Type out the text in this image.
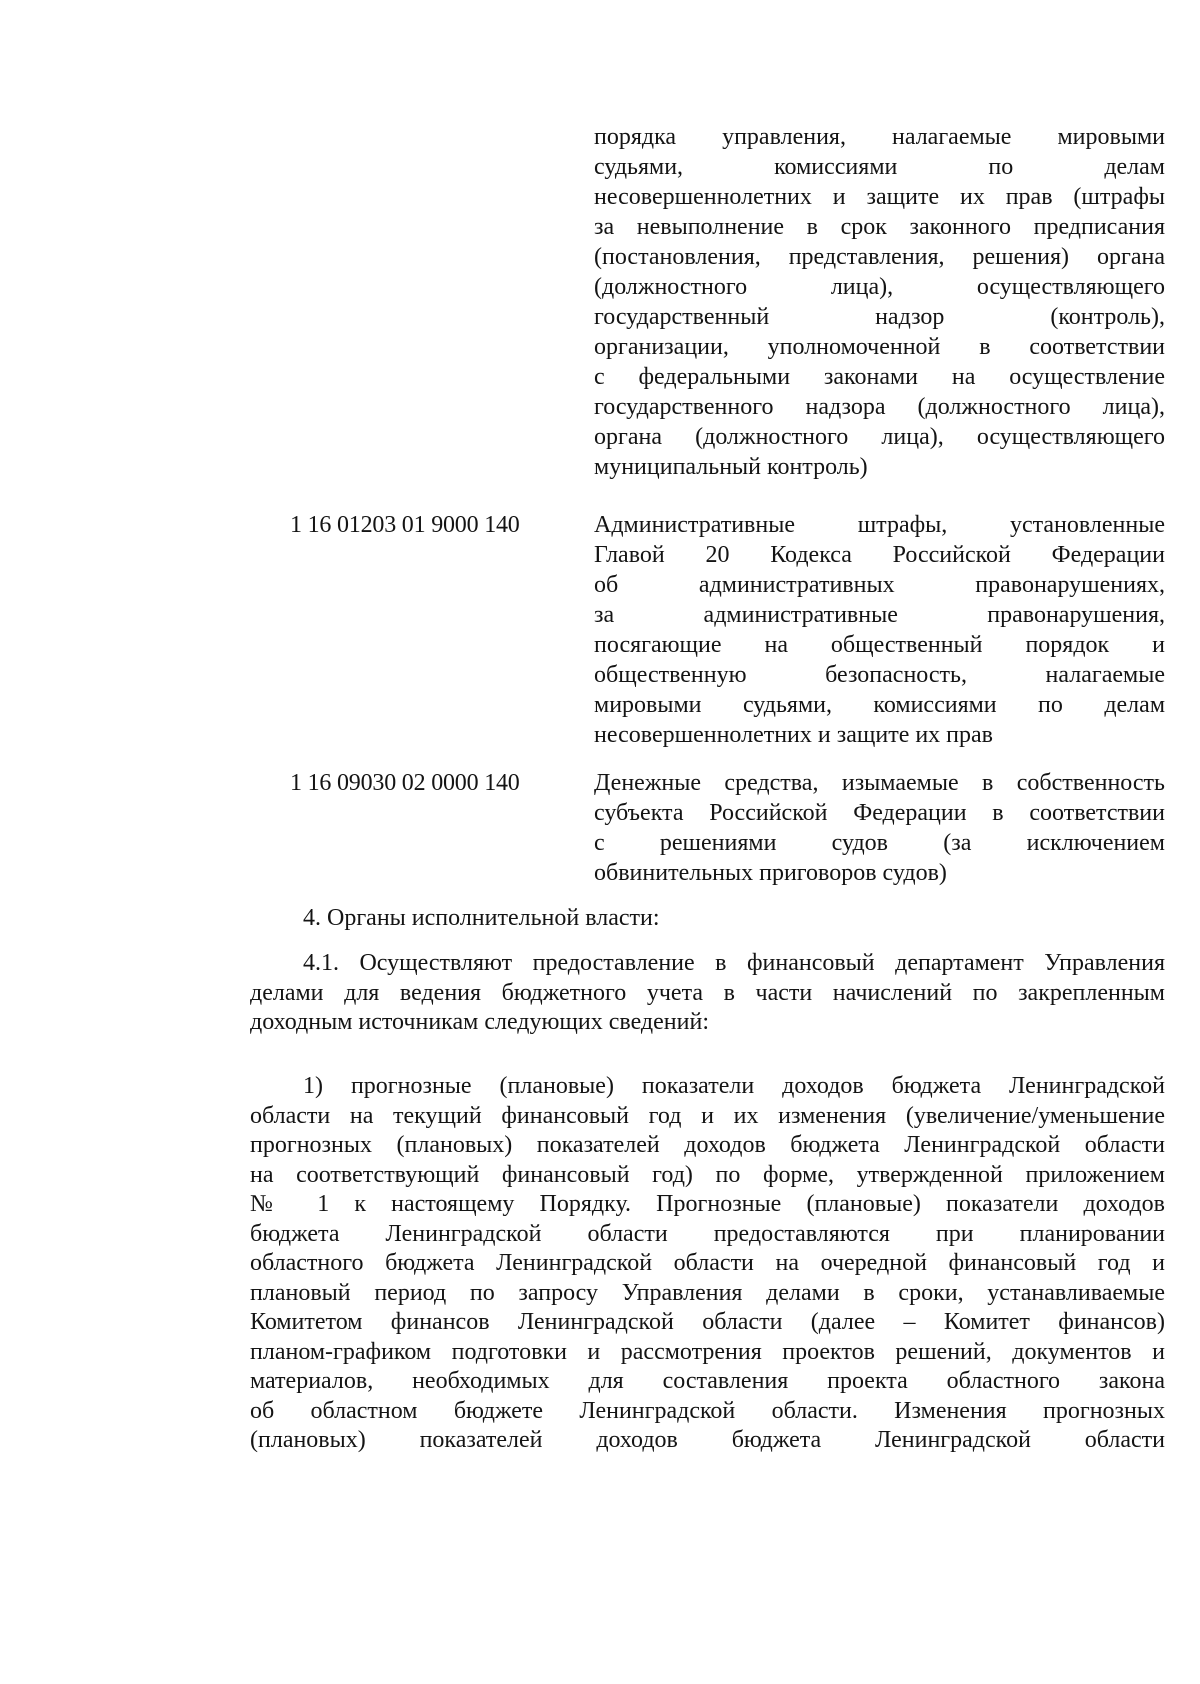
порядка управления, налагаемые мировыми
судьями, комиссиями по делам
несовершеннолетних и защите их прав (штрафы
за невыполнение в срок законного предписания
(постановления, представления, решения) органа
(должностного лица), осуществляющего
государственный надзор (контроль),
организации, уполномоченной в соответствии
с федеральными законами на осуществление
государственного надзора (должностного лица),
органа (должностного лица), осуществляющего
муниципальный контроль)
1 16 01203 01 9000 140	Административные штрафы, установленные
Главой 20 Кодекса Российской Федерации
об административных правонарушениях,
за административные правонарушения,
посягающие на общественный порядок и
общественную безопасность, налагаемые
мировыми судьями, комиссиями по делам
несовершеннолетних и защите их прав
1 16 09030 02 0000 140	Денежные средства, изымаемые в собственность
субъекта Российской Федерации в соответствии
с решениями судов (за исключением
обвинительных приговоров судов)
4. Органы исполнительной власти:
4.1. Осуществляют предоставление в финансовый департамент Управления
делами для ведения бюджетного учета в части начислений по закрепленным
доходным источникам следующих сведений:
1) прогнозные (плановые) показатели доходов бюджета Ленинградской
области на текущий финансовый год и их изменения (увеличение/уменьшение
прогнозных (плановых) показателей доходов бюджета Ленинградской области
на соответствующий финансовый год) по форме, утвержденной приложением
№ 1 к настоящему Порядку. Прогнозные (плановые) показатели доходов
бюджета Ленинградской области предоставляются при планировании
областного бюджета Ленинградской области на очередной финансовый год и
плановый период по запросу Управления делами в сроки, устанавливаемые
Комитетом финансов Ленинградской области (далее – Комитет финансов)
планом-графиком подготовки и рассмотрения проектов решений, документов и
материалов, необходимых для составления проекта областного закона
об областном бюджете Ленинградской области. Изменения прогнозных
(плановых) показателей доходов бюджета Ленинградской области
